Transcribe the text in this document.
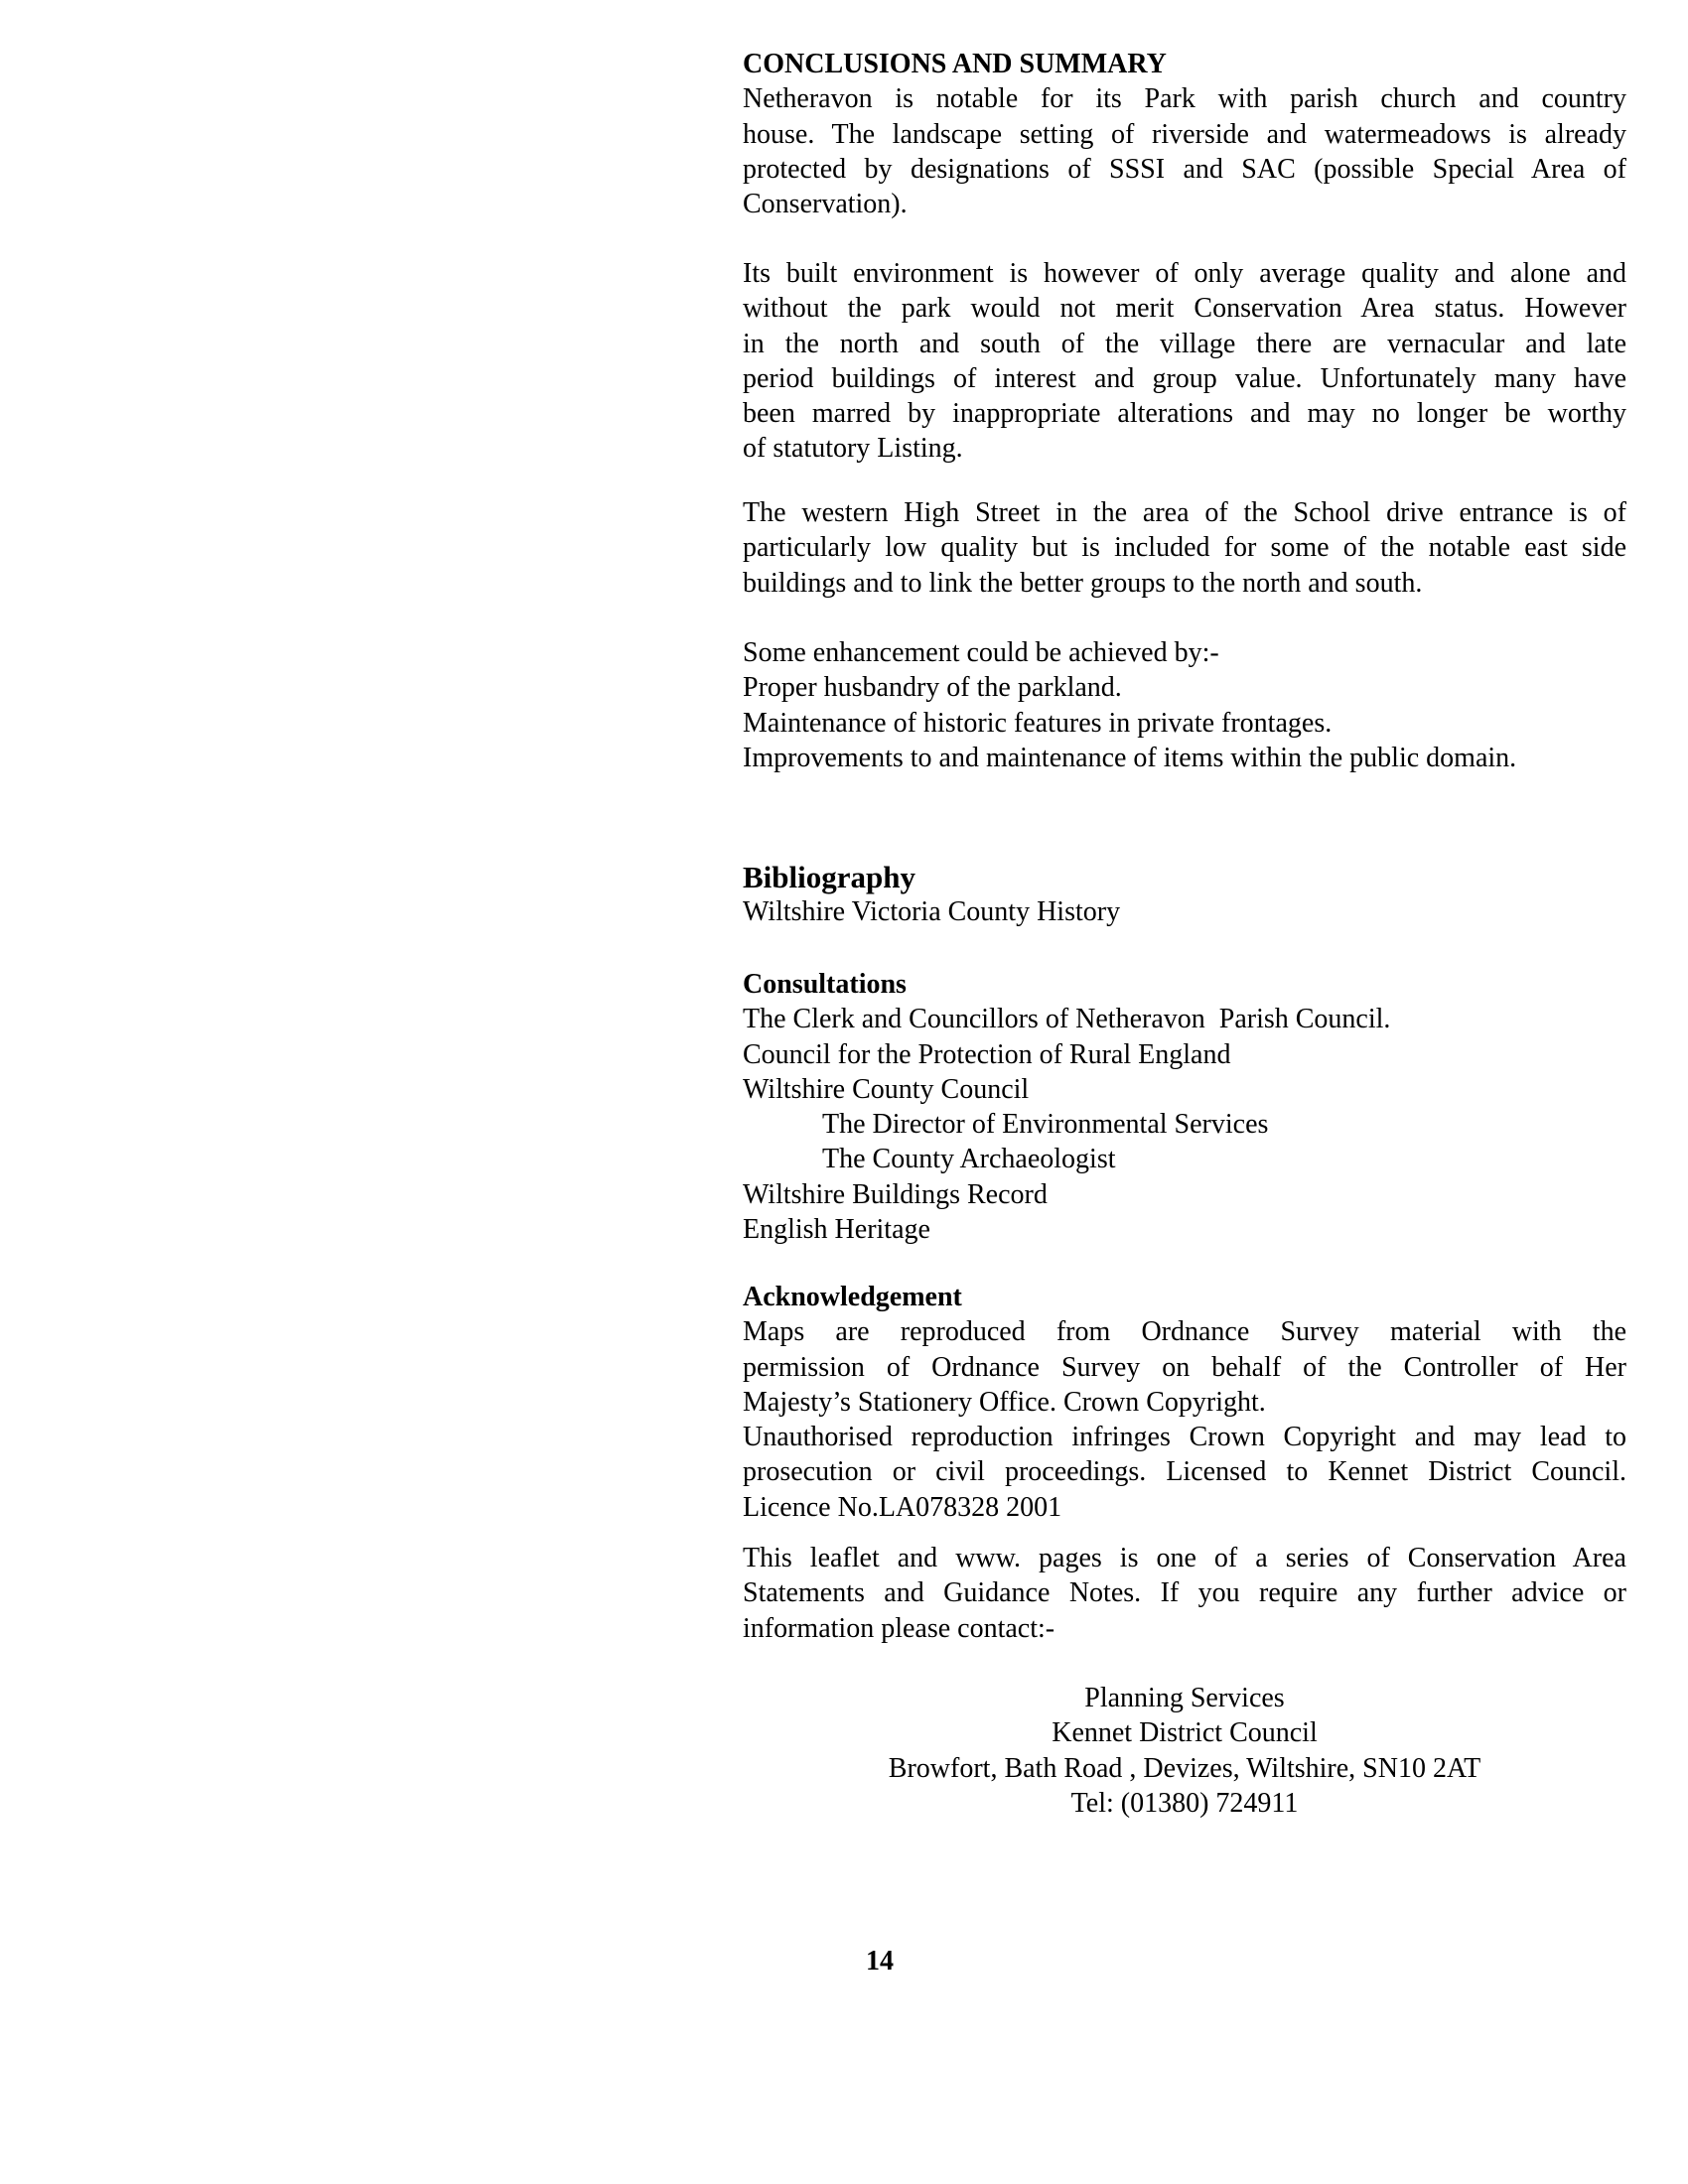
CONCLUSIONS AND SUMMARY
Netheravon is notable for its Park with parish church and country
house. The landscape setting of riverside and watermeadows is already
protected by designations of SSSI and SAC (possible Special Area of
Conservation).
Its built environment is however of only average quality and alone and
without the park would not merit Conservation Area status. However
in the north and south of the village there are vernacular and late
period buildings of interest and group value. Unfortunately many have
been marred by inappropriate alterations and may no longer be worthy
of statutory Listing.
The western High Street in the area of the School drive entrance is of
particularly low quality but is included for some of the notable east side
buildings and to link the better groups to the north and south.
Some enhancement could be achieved by:-
Proper husbandry of the parkland.
Maintenance of historic features in private frontages.
Improvements to and maintenance of items within the public domain.
Bibliography
Wiltshire Victoria County History
Consultations
The Clerk and Councillors of Netheravon  Parish Council.
Council for the Protection of Rural England
Wiltshire County Council
The Director of Environmental Services
The County Archaeologist
Wiltshire Buildings Record
English Heritage
Acknowledgement
Maps are reproduced from Ordnance Survey material with the
permission of Ordnance Survey on behalf of the Controller of Her
Majesty’s Stationery Office. Crown Copyright.
Unauthorised reproduction infringes Crown Copyright and may lead to
prosecution or civil proceedings. Licensed to Kennet District Council.
Licence No.LA078328 2001
This leaflet and www. pages is one of a series of Conservation Area
Statements and Guidance Notes. If you require any further advice or
information please contact:-
Planning Services
Kennet District Council
Browfort, Bath Road , Devizes, Wiltshire, SN10 2AT
Tel: (01380) 724911
14
